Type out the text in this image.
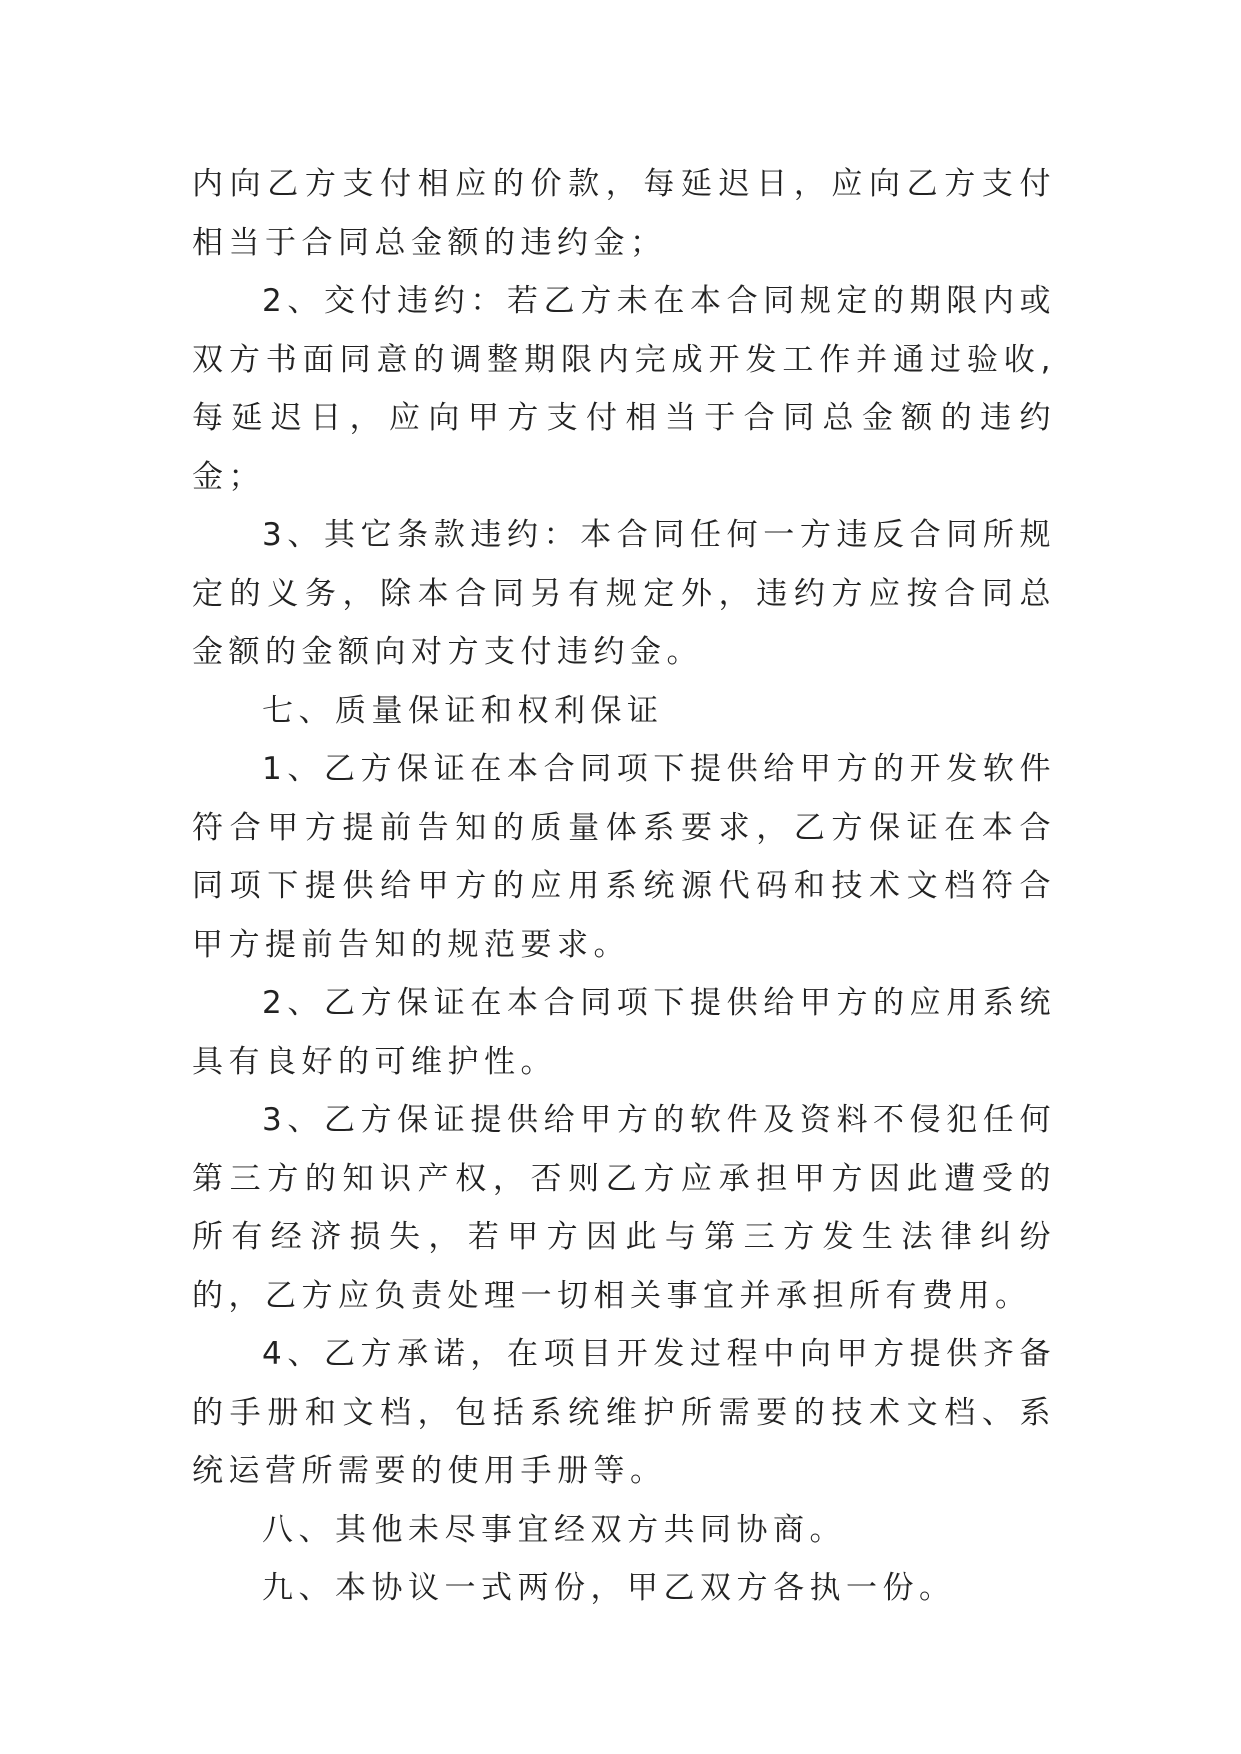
内向乙方支付相应的价款，每延迟日，应向乙方支付相当于合同总金额的违约金；

2、交付违约：若乙方未在本合同规定的期限内或双方书面同意的调整期限内完成开发工作并通过验收,每延迟日，应向甲方支付相当于合同总金额的违约金；

3、其它条款违约：本合同任何一方违反合同所规定的义务，除本合同另有规定外，违约方应按合同总金额的金额向对方支付违约金。

七、质量保证和权利保证

1、乙方保证在本合同项下提供给甲方的开发软件符合甲方提前告知的质量体系要求，乙方保证在本合同项下提供给甲方的应用系统源代码和技术文档符合甲方提前告知的规范要求。

2、乙方保证在本合同项下提供给甲方的应用系统具有良好的可维护性。

3、乙方保证提供给甲方的软件及资料不侵犯任何第三方的知识产权，否则乙方应承担甲方因此遭受的所有经济损失，若甲方因此与第三方发生法律纠纷的，乙方应负责处理一切相关事宜并承担所有费用。

4、乙方承诺，在项目开发过程中向甲方提供齐备的手册和文档，包括系统维护所需要的技术文档、系统运营所需要的使用手册等。

八、其他未尽事宜经双方共同协商。

九、本协议一式两份，甲乙双方各执一份。
